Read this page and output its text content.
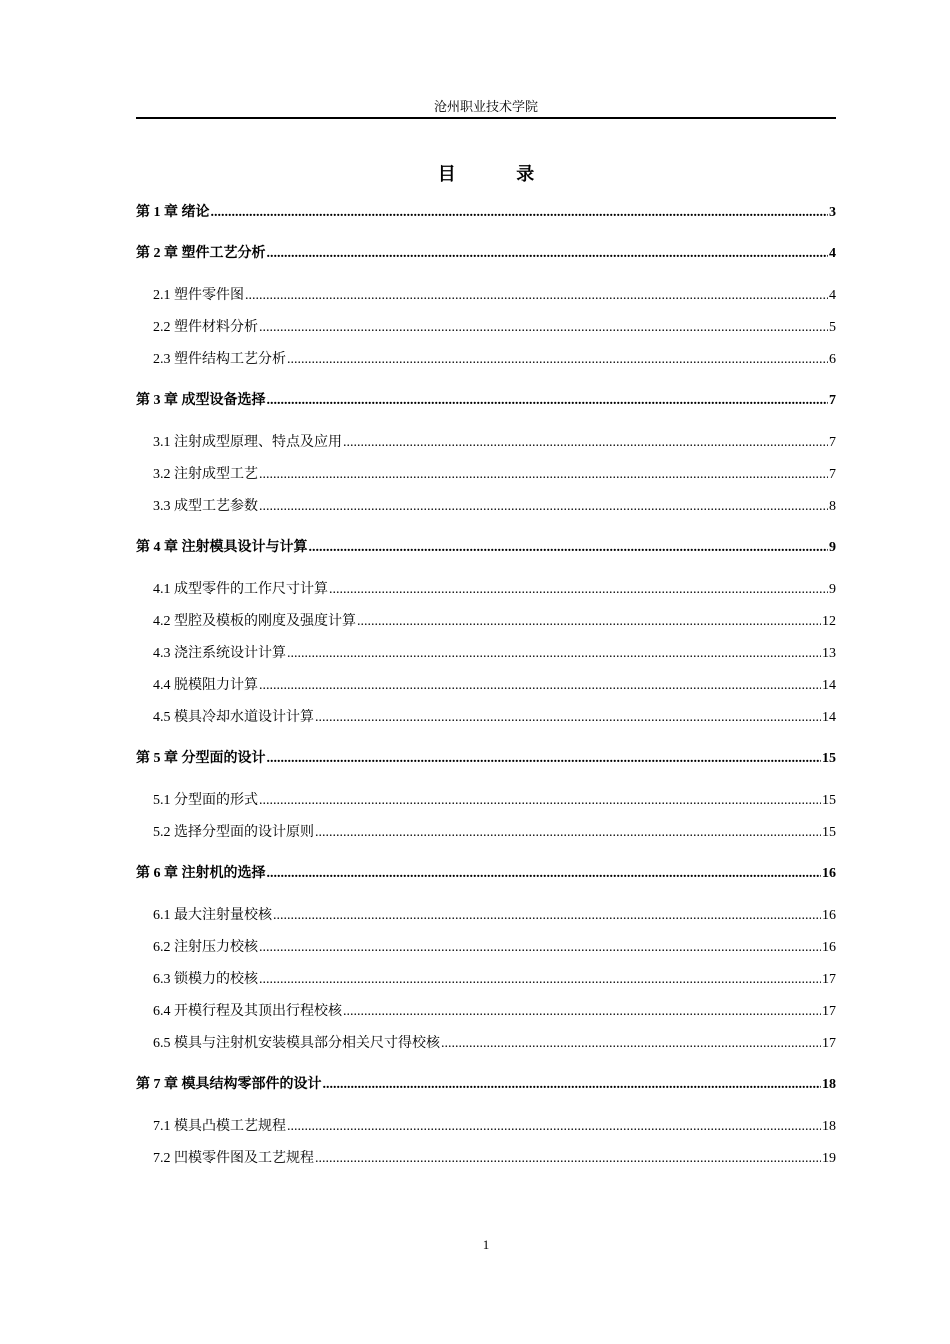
沧州职业技术学院
目 录
第 1 章 绪论 .....	3
第 2 章 塑件工艺分析 .....	4
2.1 塑件零件图 .....	4
2.2 塑件材料分析 .....	5
2.3 塑件结构工艺分析 .....	6
第 3 章 成型设备选择 .....	7
3.1 注射成型原理、特点及应用 .....	7
3.2 注射成型工艺 .....	7
3.3 成型工艺参数 .....	8
第 4 章 注射模具设计与计算 .....	9
4.1 成型零件的工作尺寸计算 .....	9
4.2 型腔及模板的刚度及强度计算 .....	12
4.3 浇注系统设计计算 .....	13
4.4 脱模阻力计算 .....	14
4.5 模具冷却水道设计计算 .....	14
第 5 章 分型面的设计 .....	15
5.1 分型面的形式 .....	15
5.2 选择分型面的设计原则 .....	15
第 6 章 注射机的选择 .....	16
6.1 最大注射量校核 .....	16
6.2 注射压力校核 .....	16
6.3 锁模力的校核 .....	17
6.4 开模行程及其顶出行程校核 .....	17
6.5 模具与注射机安装模具部分相关尺寸得校核 .....	17
第 7 章 模具结构零部件的设计 .....	18
7.1 模具凸模工艺规程 .....	18
7.2 凹模零件图及工艺规程 .....	19
1
